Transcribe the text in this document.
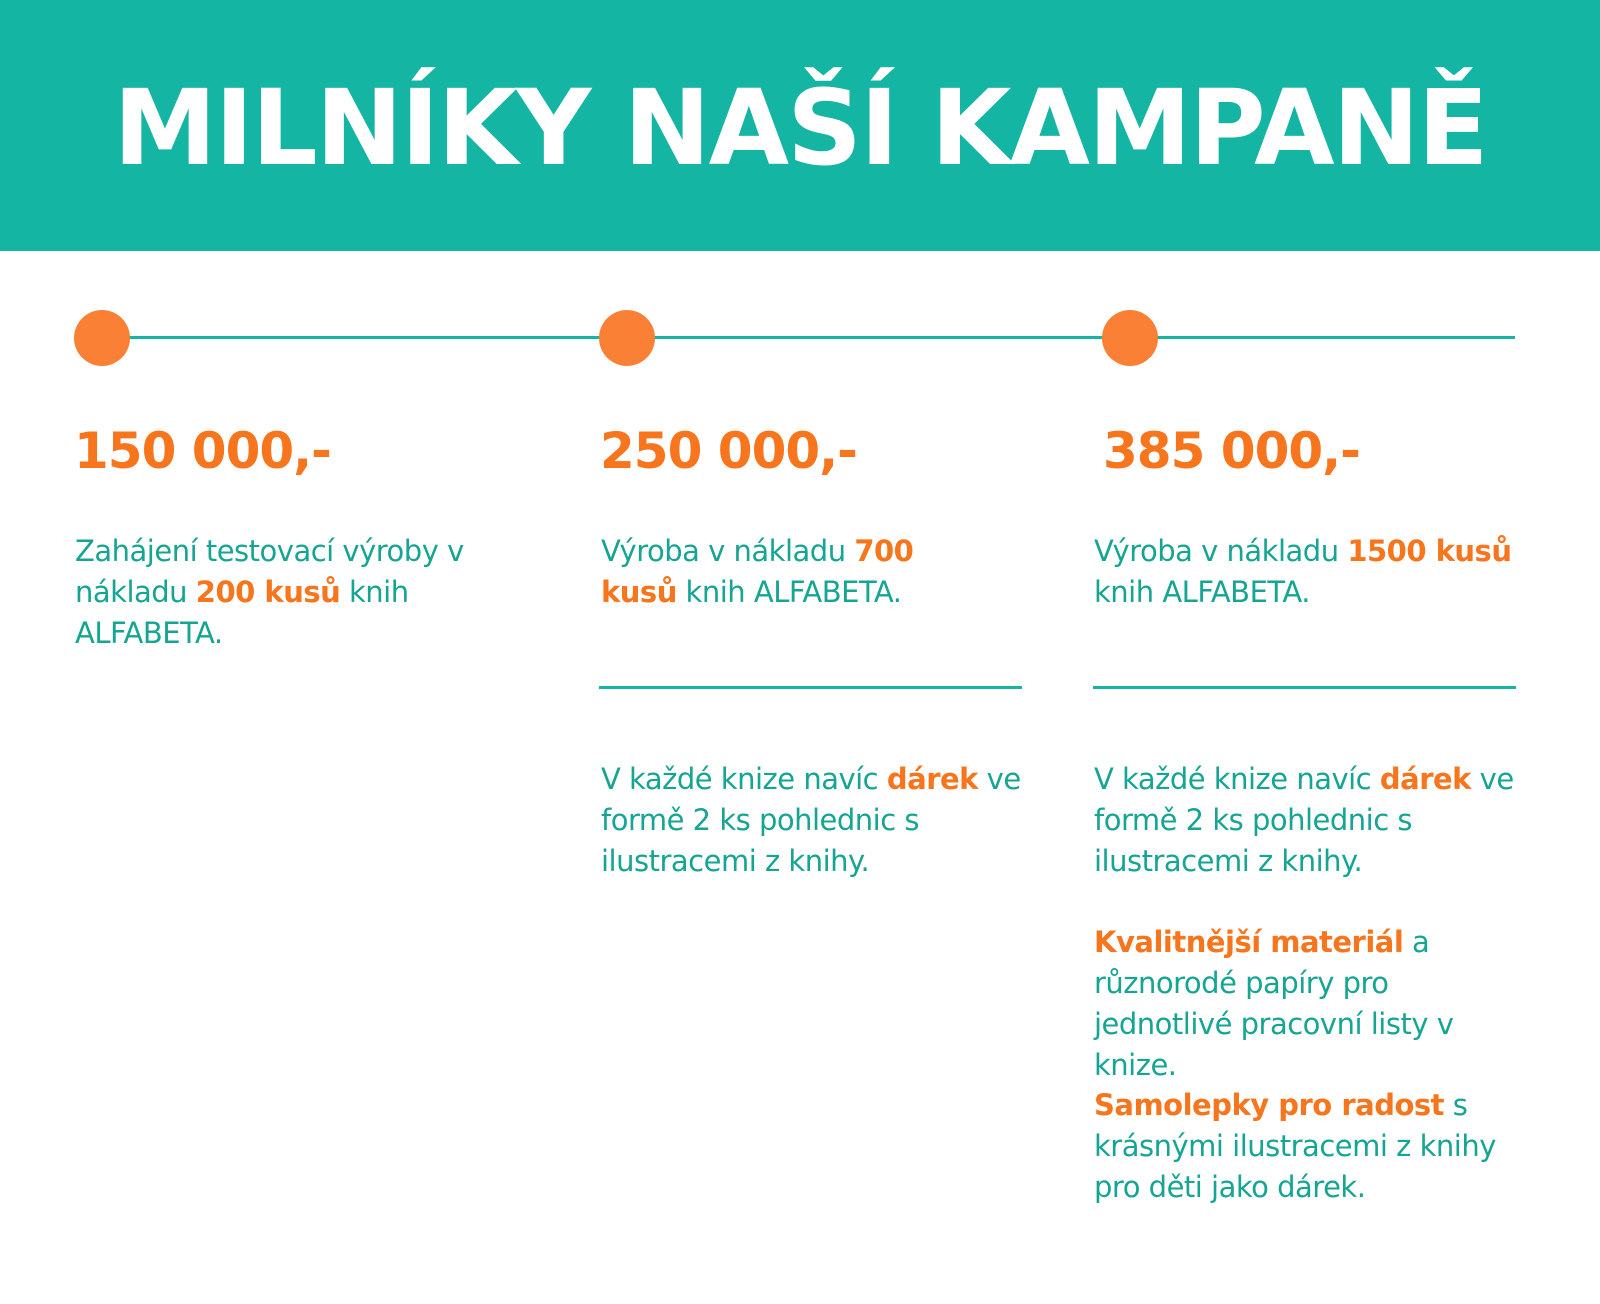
MILNÍKY NAŠÍ KAMPANĚ
150 000,-

Zahájení testovací výroby v nákladu 200 kusů knih ALFABETA.

250 000,-

Výroba v nákladu 700 kusů knih ALFABETA.

V každé knize navíc dárek ve formě 2 ks pohlednic s ilustracemi z knihy.

385 000,-

Výroba v nákladu 1500 kusů knih ALFABETA.

V každé knize navíc dárek ve formě 2 ks pohlednic s ilustracemi z knihy.

Kvalitnější materiál a různorodé papíry pro jednotlivé pracovní listy v knize.

Samolepky pro radost s krásnými ilustracemi z knihy pro děti jako dárek.
